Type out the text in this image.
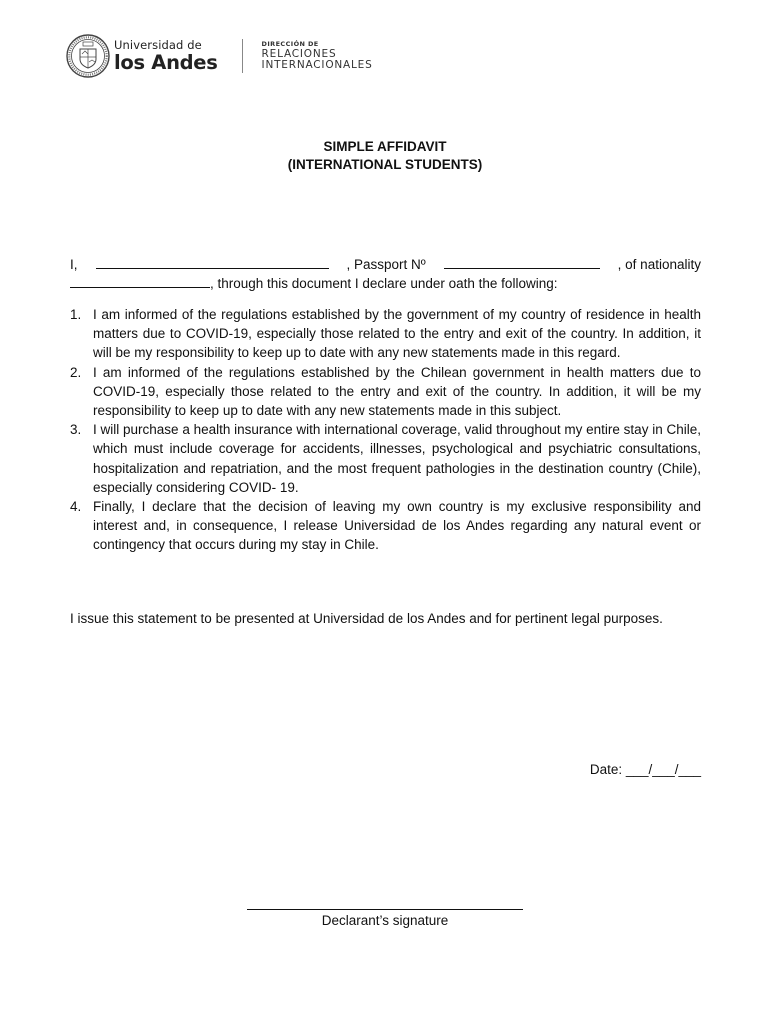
Universidad de
los Andes
DIRECCIÓN DE
RELACIONES
INTERNACIONALES
SIMPLE AFFIDAVIT
(INTERNATIONAL STUDENTS)
I,	, Passport Nº	, of nationality
, through this document I declare under oath the following:
1. I am informed of the regulations established by the government of my country of residence in health matters due to COVID-19, especially those related to the entry and exit of the country. In addition, it will be my responsibility to keep up to date with any new statements made in this regard.
2. I am informed of the regulations established by the Chilean government in health matters due to COVID-19, especially those related to the entry and exit of the country. In addition, it will be my responsibility to keep up to date with any new statements made in this subject.
3. I will purchase a health insurance with international coverage, valid throughout my entire stay in Chile, which must include coverage for accidents, illnesses, psychological and psychiatric consultations, hospitalization and repatriation, and the most frequent pathologies in the destination country (Chile), especially considering COVID- 19.
4. Finally, I declare that the decision of leaving my own country is my exclusive responsibility and interest and, in consequence, I release Universidad de los Andes regarding any natural event or contingency that occurs during my stay in Chile.
I issue this statement to be presented at Universidad de los Andes and for pertinent legal purposes.
Date: ___/___/___
Declarant’s signature
